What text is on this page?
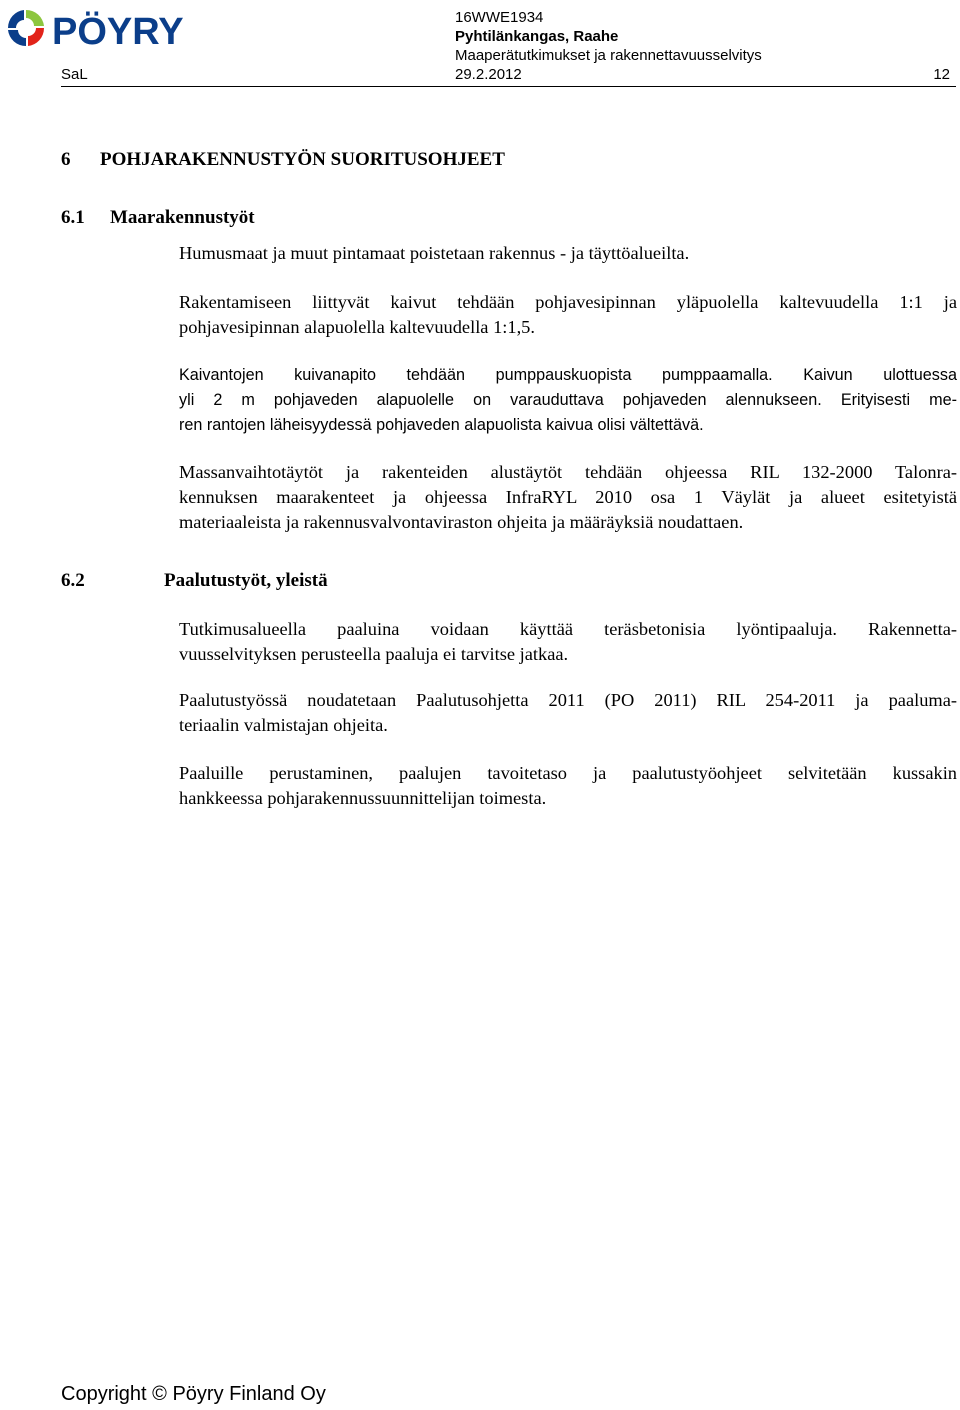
PÖYRY	16WWE1934
Pyhtilänkangas, Raahe
Maaperätutkimukset ja rakennettavuusselvitys
SaL	29.2.2012	12
6 POHJARAKENNUSTYÖN SUORITUSOHJEET
6.1 Maarakennustyöt

Humusmaat ja muut pintamaat poistetaan rakennus - ja täyttöalueilta.

Rakentamiseen liittyvät kaivut tehdään pohjavesipinnan yläpuolella kaltevuudella 1:1 ja
pohjavesipinnan alapuolella kaltevuudella 1:1,5.

Kaivantojen kuivanapito tehdään pumppauskuopista pumppaamalla. Kaivun ulottuessa
yli 2 m pohjaveden alapuolelle on varauduttava pohjaveden alennukseen. Erityisesti me-
ren rantojen läheisyydessä pohjaveden alapuolista kaivua olisi vältettävä.

Massanvaihtotäytöt ja rakenteiden alustäytöt tehdään ohjeessa RIL 132-2000 Talonra-
kennuksen maarakenteet ja ohjeessa InfraRYL 2010 osa 1 Väylät ja alueet esitetyistä
materiaaleista ja rakennusvalvontaviraston ohjeita ja määräyksiä noudattaen.

6.2	Paalutustyöt, yleistä

Tutkimusalueella paaluina voidaan käyttää teräsbetonisia lyöntipaaluja. Rakennetta-
vuusselvityksen perusteella paaluja ei tarvitse jatkaa.

Paalutustyössä noudatetaan Paalutusohjetta 2011 (PO 2011) RIL 254-2011 ja paaluma-
teriaalin valmistajan ohjeita.

Paaluille perustaminen, paalujen tavoitetaso ja paalutustyöohjeet selvitetään kussakin
hankkeessa pohjarakennussuunnittelijan toimesta.

Copyright © Pöyry Finland Oy
